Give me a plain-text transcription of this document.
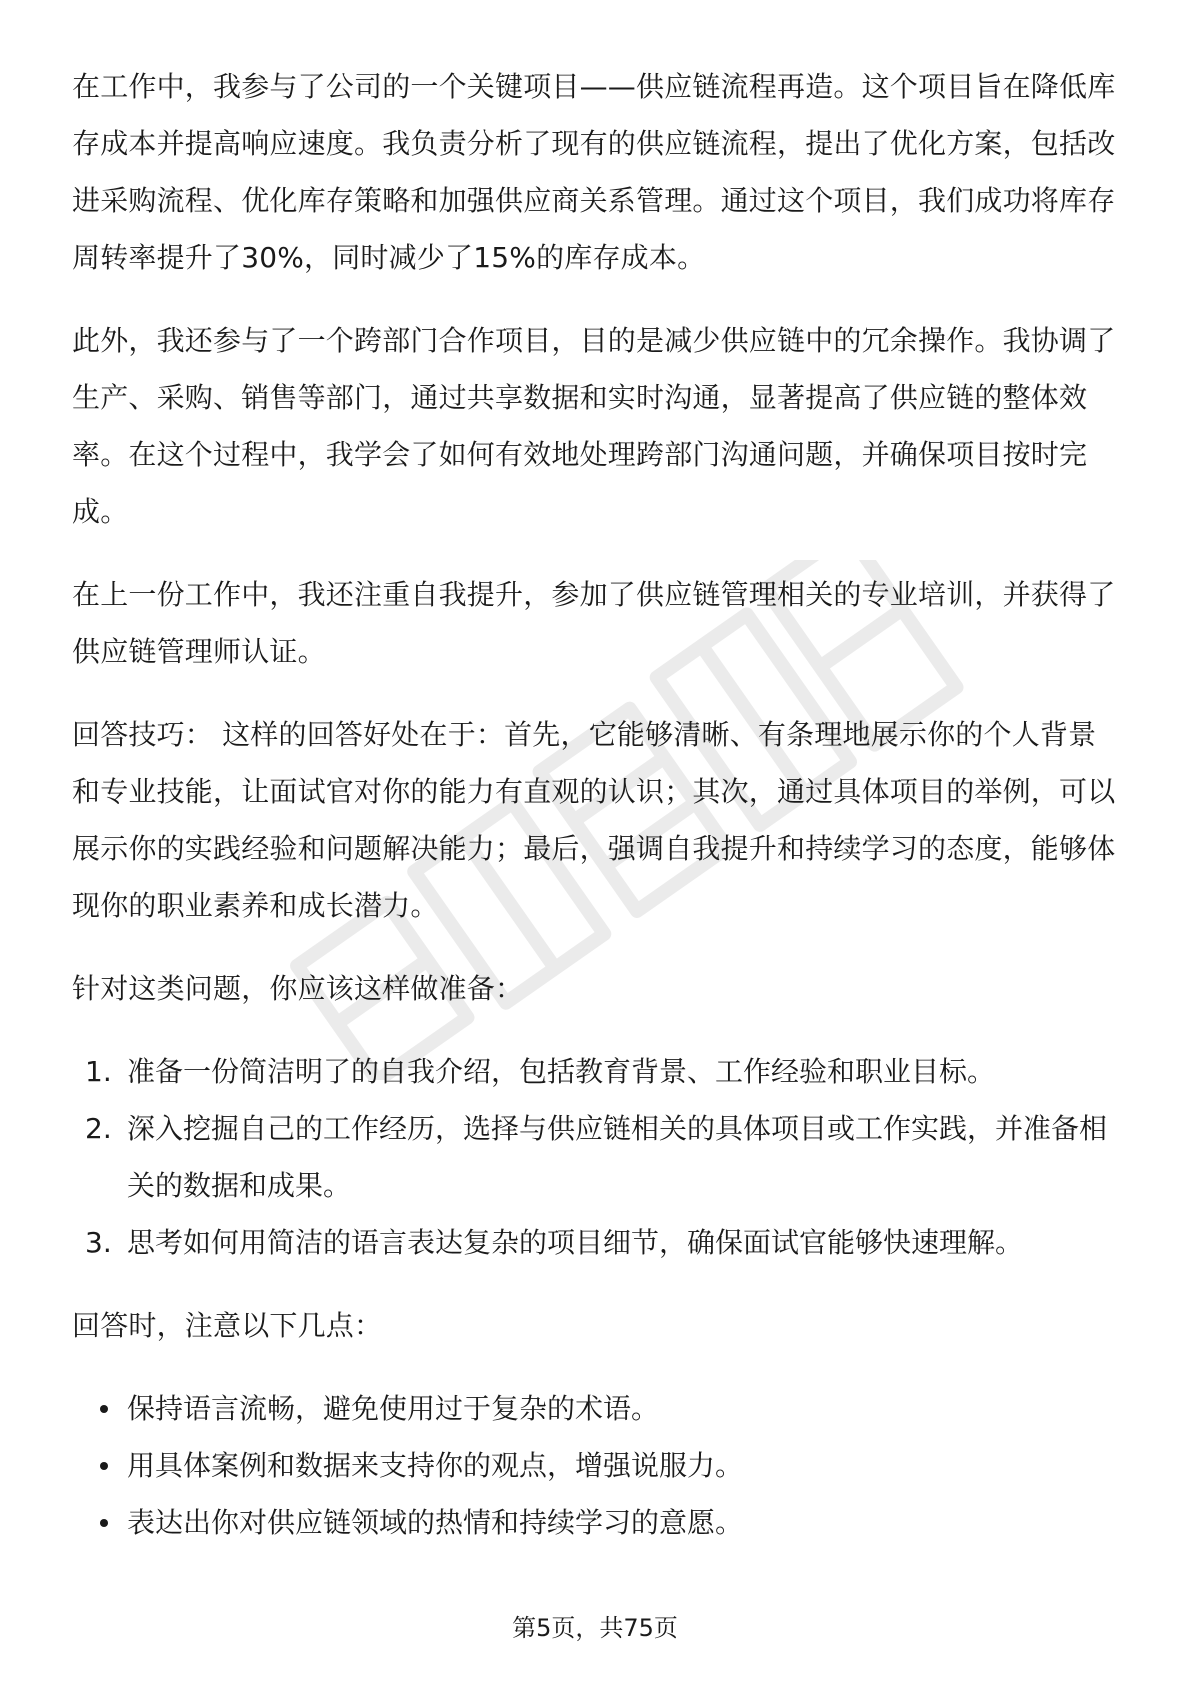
在工作中，我参与了公司的一个关键项目——供应链流程再造。这个项目旨在降低库存成本并提高响应速度。我负责分析了现有的供应链流程，提出了优化方案，包括改进采购流程、优化库存策略和加强供应商关系管理。通过这个项目，我们成功将库存周转率提升了30%，同时减少了15%的库存成本。

此外，我还参与了一个跨部门合作项目，目的是减少供应链中的冗余操作。我协调了生产、采购、销售等部门，通过共享数据和实时沟通，显著提高了供应链的整体效率。在这个过程中，我学会了如何有效地处理跨部门沟通问题，并确保项目按时完成。

在上一份工作中，我还注重自我提升，参加了供应链管理相关的专业培训，并获得了供应链管理师认证。

回答技巧： 这样的回答好处在于：首先，它能够清晰、有条理地展示你的个人背景和专业技能，让面试官对你的能力有直观的认识；其次，通过具体项目的举例，可以展示你的实践经验和问题解决能力；最后，强调自我提升和持续学习的态度，能够体现你的职业素养和成长潜力。

针对这类问题，你应该这样做准备：

1. 准备一份简洁明了的自我介绍，包括教育背景、工作经验和职业目标。
2. 深入挖掘自己的工作经历，选择与供应链相关的具体项目或工作实践，并准备相关的数据和成果。
3. 思考如何用简洁的语言表达复杂的项目细节，确保面试官能够快速理解。

回答时，注意以下几点：

保持语言流畅，避免使用过于复杂的术语。
用具体案例和数据来支持你的观点，增强说服力。
表达出你对供应链领域的热情和持续学习的意愿。
第5页，共75页
